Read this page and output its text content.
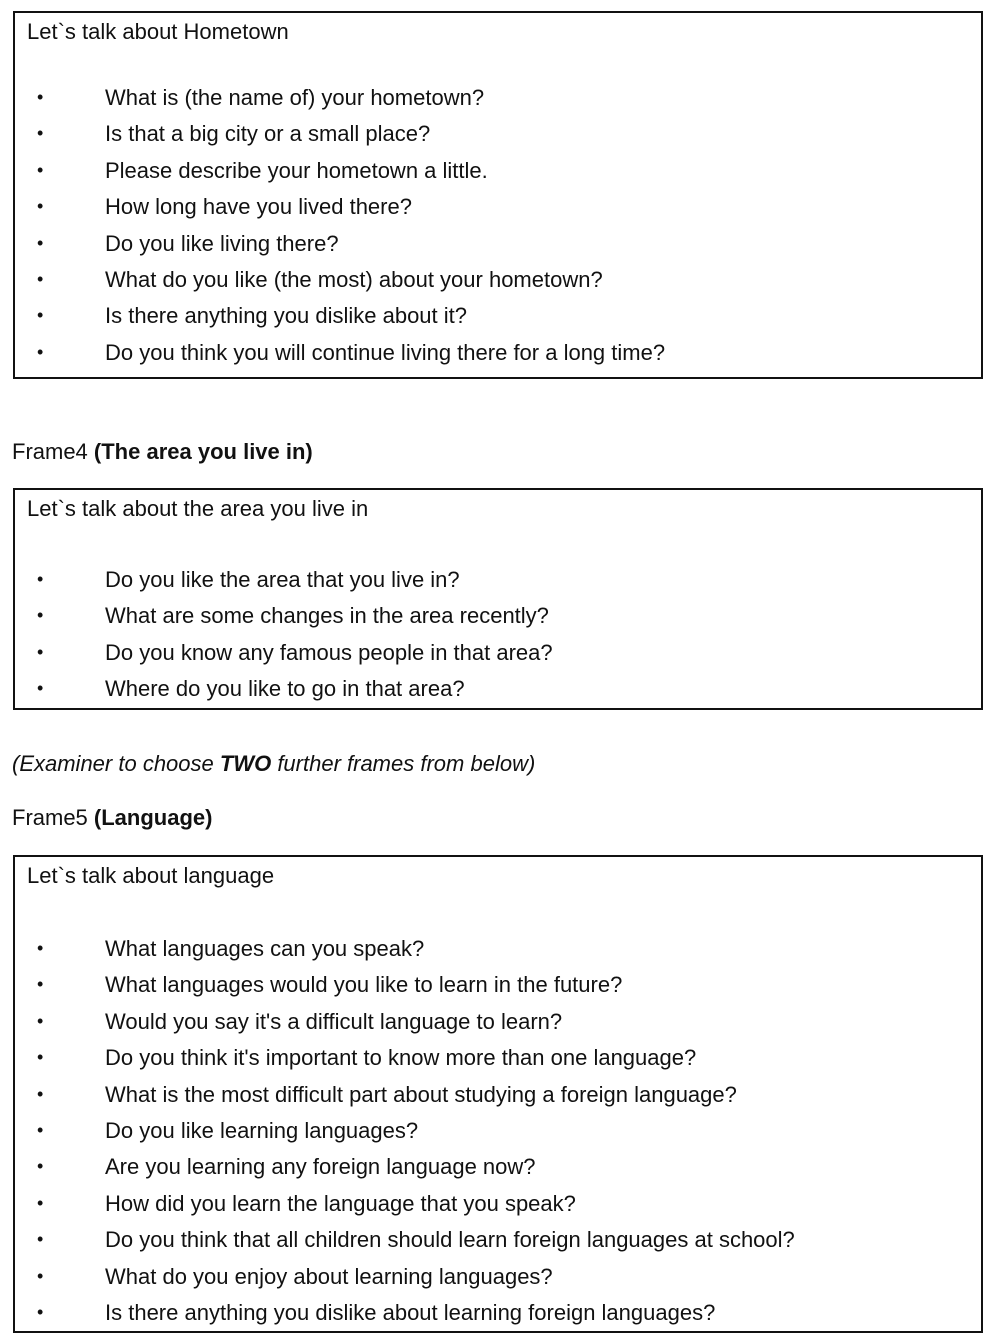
Let`s talk about Hometown
•	What is (the name of) your hometown?
•	Is that a big city or a small place?
•	Please describe your hometown a little.
•	How long have you lived there?
•	Do you like living there?
•	What do you like (the most) about your hometown?
•	Is there anything you dislike about it?
•	Do you think you will continue living there for a long time?
Frame4 (The area you live in)
Let`s talk about the area you live in
•	Do you like the area that you live in?
•	What are some changes in the area recently?
•	Do you know any famous people in that area?
•	Where do you like to go in that area?
(Examiner to choose TWO further frames from below)
Frame5 (Language)
Let`s talk about language
•	What languages can you speak?
•	What languages would you like to learn in the future?
•	Would you say it's a difficult language to learn?
•	Do you think it's important to know more than one language?
•	What is the most difficult part about studying a foreign language?
•	Do you like learning languages?
•	Are you learning any foreign language now?
•	How did you learn the language that you speak?
•	Do you think that all children should learn foreign languages at school?
•	What do you enjoy about learning languages?
•	Is there anything you dislike about learning foreign languages?
